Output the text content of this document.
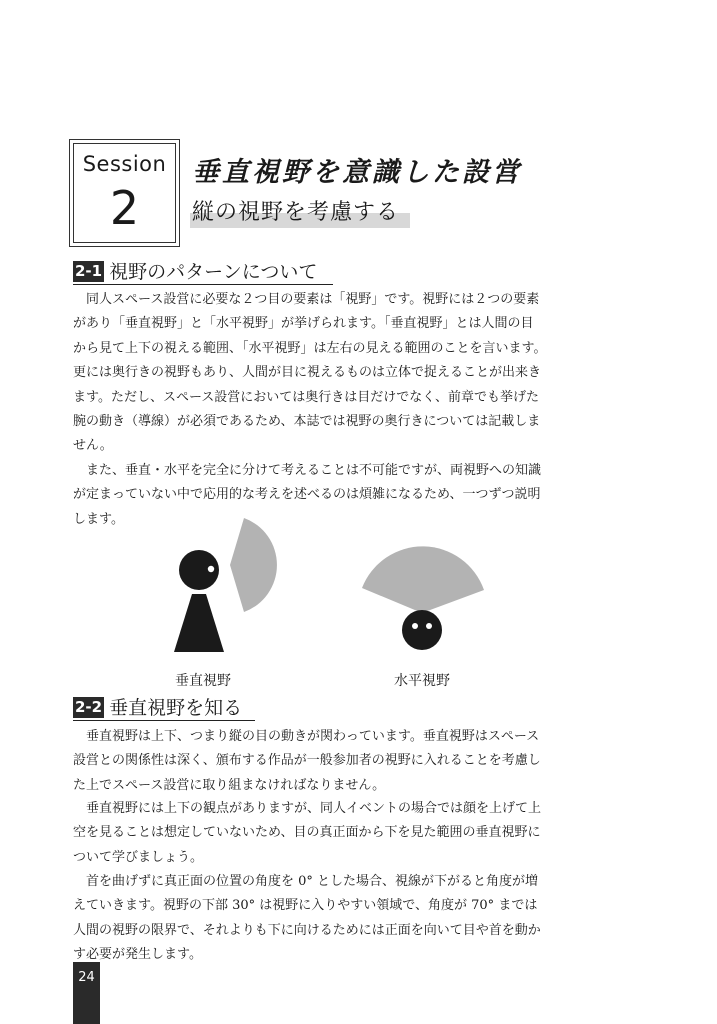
Session
2
垂直視野を意識した設営
縦の視野を考慮する
2-1 視野のパターンについて

　同人スペース設営に必要な２つ目の要素は「視野」です。視野には２つの要素
があり「垂直視野」と「水平視野」が挙げられます。「垂直視野」とは人間の目
から見て上下の視える範囲、「水平視野」は左右の見える範囲のことを言います。
更には奥行きの視野もあり、人間が目に視えるものは立体で捉えることが出来き
ます。ただし、スペース設営においては奥行きは目だけでなく、前章でも挙げた
腕の動き（導線）が必須であるため、本誌では視野の奥行きについては記載しま
せん。

　また、垂直・水平を完全に分けて考えることは不可能ですが、両視野への知識
が定まっていない中で応用的な考えを述べるのは煩雑になるため、一つずつ説明
します。

垂直視野	水平視野
2-2 垂直視野を知る

　垂直視野は上下、つまり縦の目の動きが関わっています。垂直視野はスペース
設営との関係性は深く、頒布する作品が一般参加者の視野に入れることを考慮し
た上でスペース設営に取り組まなければなりません。

　垂直視野には上下の観点がありますが、同人イベントの場合では顔を上げて上
空を見ることは想定していないため、目の真正面から下を見た範囲の垂直視野に
ついて学びましょう。

　首を曲げずに真正面の位置の角度を 0° とした場合、視線が下がると角度が増
えていきます。視野の下部 30° は視野に入りやすい領域で、角度が 70° までは
人間の視野の限界で、それよりも下に向けるためには正面を向いて目や首を動か
す必要が発生します。

24
